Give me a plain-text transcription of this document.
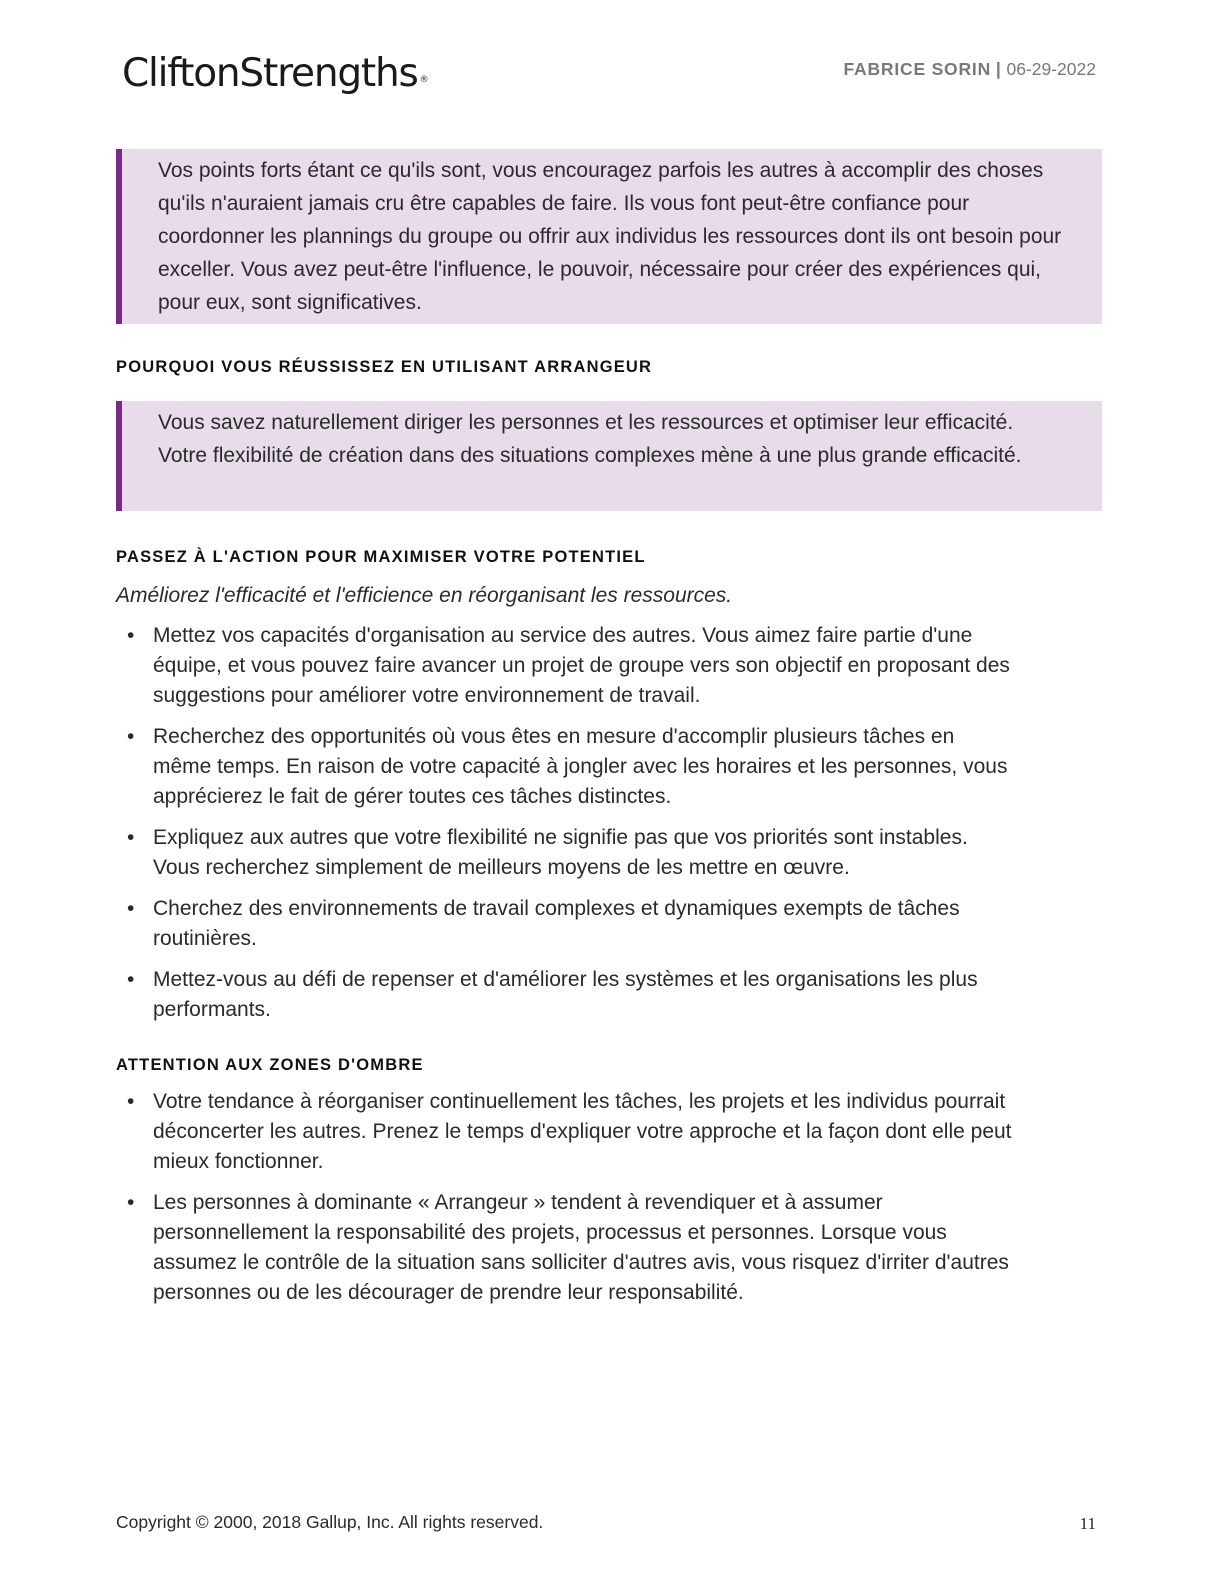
CliftonStrengths ®
FABRICE SORIN | 06-29-2022
Vos points forts étant ce qu'ils sont, vous encouragez parfois les autres à accomplir des choses qu'ils n'auraient jamais cru être capables de faire. Ils vous font peut-être confiance pour coordonner les plannings du groupe ou offrir aux individus les ressources dont ils ont besoin pour exceller. Vous avez peut-être l'influence, le pouvoir, nécessaire pour créer des expériences qui, pour eux, sont significatives.
POURQUOI VOUS RÉUSSISSEZ EN UTILISANT ARRANGEUR
Vous savez naturellement diriger les personnes et les ressources et optimiser leur efficacité. Votre flexibilité de création dans des situations complexes mène à une plus grande efficacité.
PASSEZ À L'ACTION POUR MAXIMISER VOTRE POTENTIEL

Améliorez l'efficacité et l'efficience en réorganisant les ressources.

• Mettez vos capacités d'organisation au service des autres. Vous aimez faire partie d'une équipe, et vous pouvez faire avancer un projet de groupe vers son objectif en proposant des suggestions pour améliorer votre environnement de travail.
• Recherchez des opportunités où vous êtes en mesure d'accomplir plusieurs tâches en même temps. En raison de votre capacité à jongler avec les horaires et les personnes, vous apprécierez le fait de gérer toutes ces tâches distinctes.
• Expliquez aux autres que votre flexibilité ne signifie pas que vos priorités sont instables. Vous recherchez simplement de meilleurs moyens de les mettre en œuvre.
• Cherchez des environnements de travail complexes et dynamiques exempts de tâches routinières.
• Mettez-vous au défi de repenser et d'améliorer les systèmes et les organisations les plus performants.
ATTENTION AUX ZONES D'OMBRE
• Votre tendance à réorganiser continuellement les tâches, les projets et les individus pourrait déconcerter les autres. Prenez le temps d'expliquer votre approche et la façon dont elle peut mieux fonctionner.
• Les personnes à dominante « Arrangeur » tendent à revendiquer et à assumer personnellement la responsabilité des projets, processus et personnes. Lorsque vous assumez le contrôle de la situation sans solliciter d'autres avis, vous risquez d'irriter d'autres personnes ou de les décourager de prendre leur responsabilité.
Copyright © 2000, 2018 Gallup, Inc. All rights reserved.	11
